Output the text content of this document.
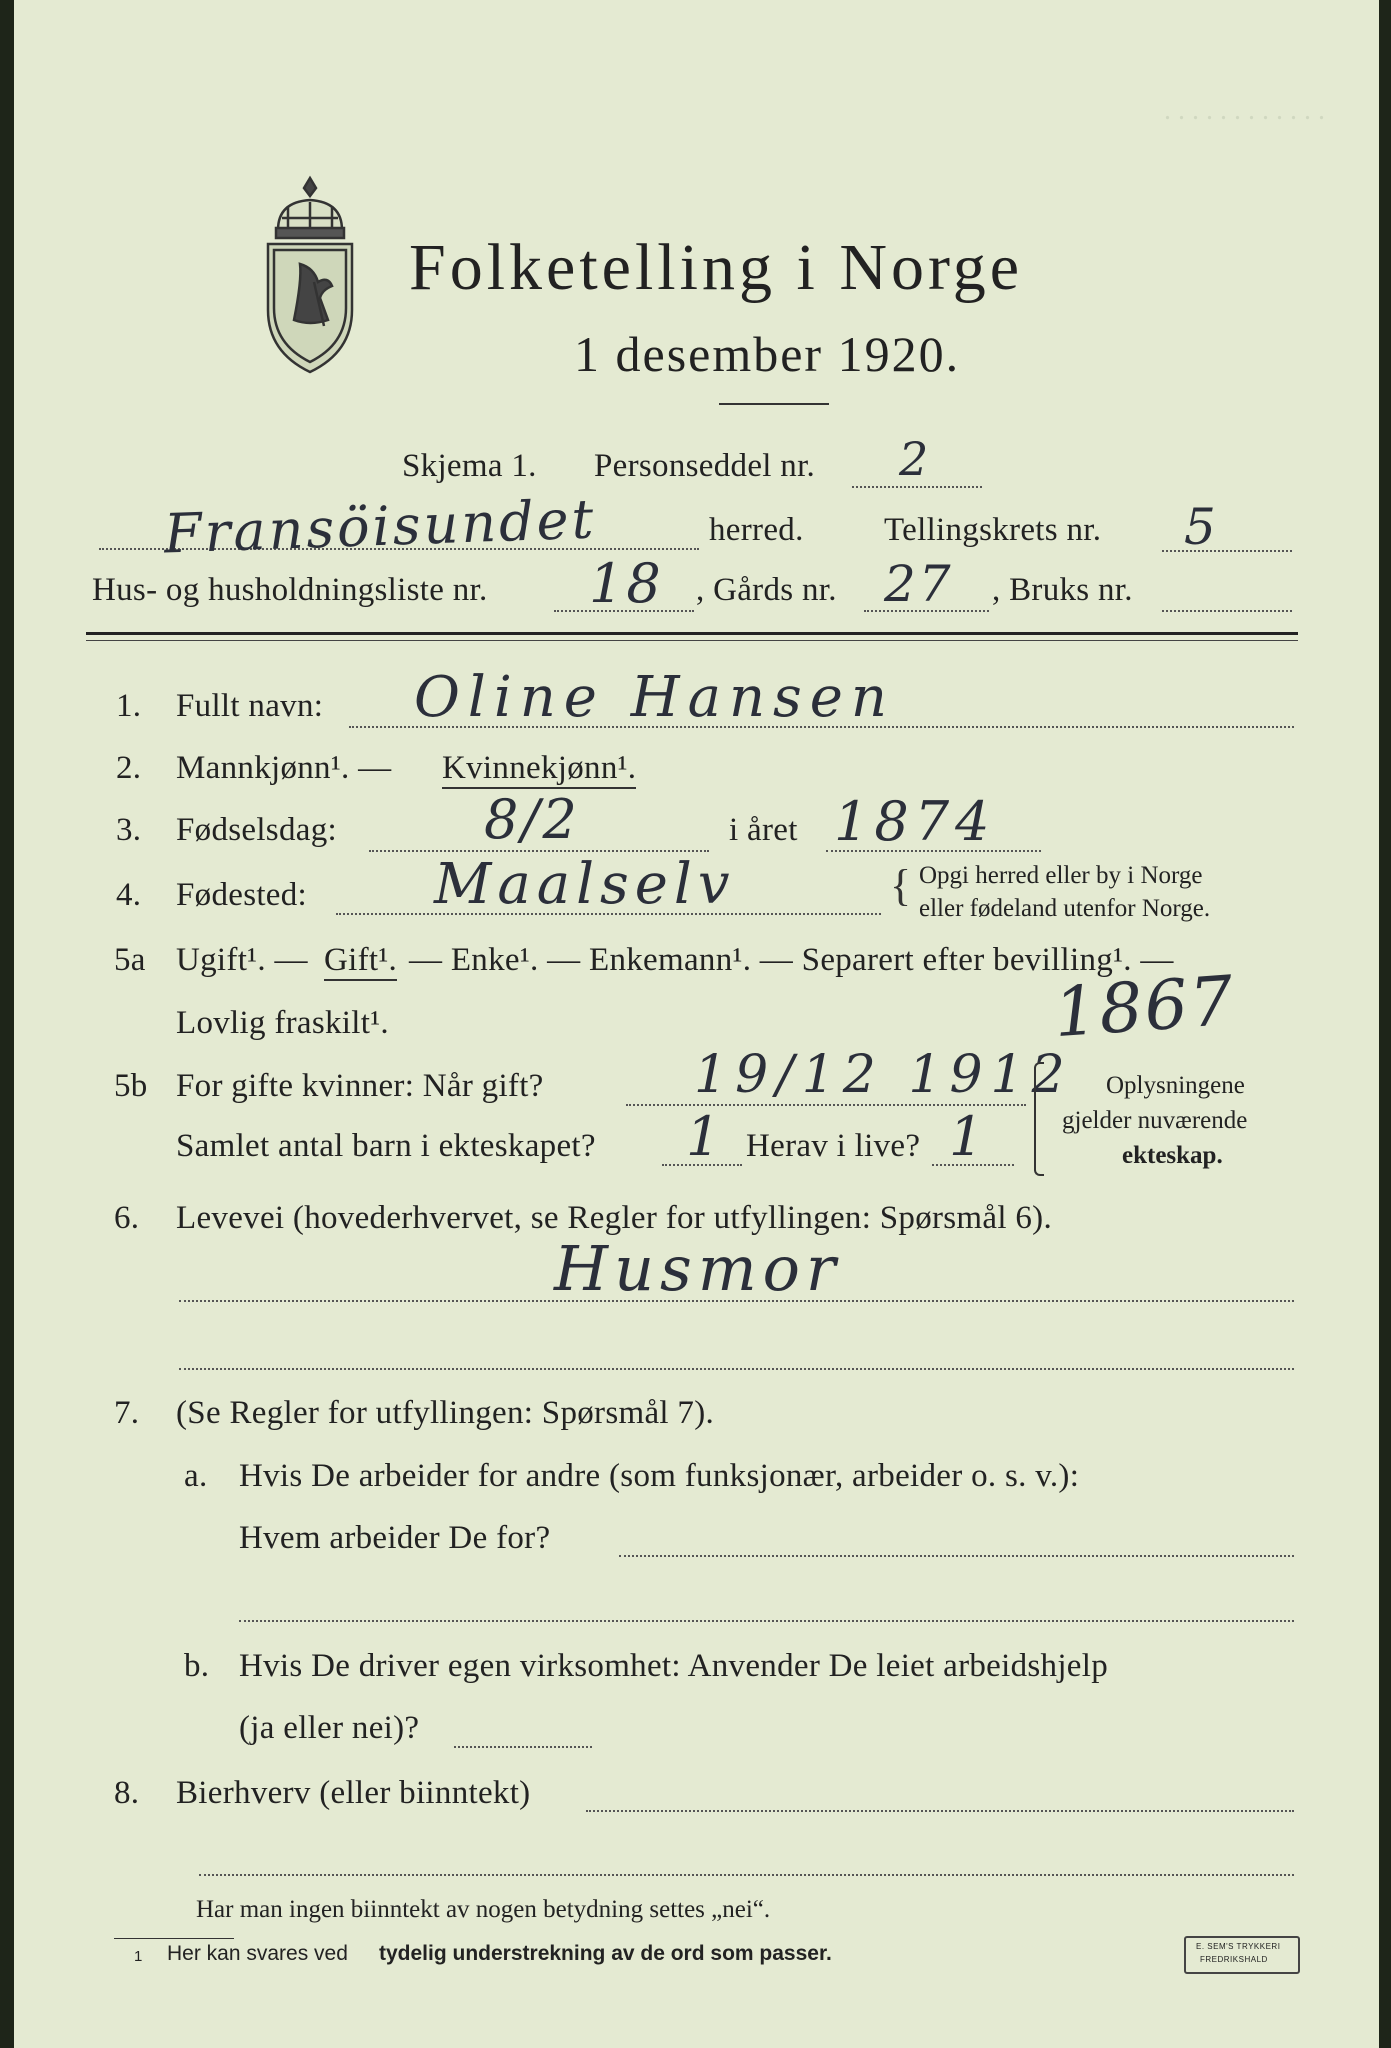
. . . . . . . . . . . .
Folketelling i Norge
1 desember 1920.
Skjema 1. Personseddel nr. 2
Fransöisundet	herred. Tellingskrets nr. 5
Hus- og husholdningsliste nr. 18 , Gårds nr. 27 , Bruks nr.
1. Fullt navn: Oline Hansen
2. Mannkjønn¹. — Kvinnekjønn¹.
3. Fødselsdag:	8/2	i året 1874
4. Fødested: Maalselv	{ Opgi herred eller by i Norge
eller fødeland utenfor Norge.
5a Ugift¹. — Gift¹. — Enke¹. — Enkemann¹. — Separert efter bevilling¹. —
Lovlig fraskilt¹.	1867
5b For gifte kvinner: Når gift?	19/12 1912
Samlet antal barn i ekteskapet? 1 Herav i live? 1
Oplysningene
gjelder nuværende
ekteskap.
6. Levevei (hovederhvervet, se Regler for utfyllingen: Spørsmål 6).
Husmor
7. (Se Regler for utfyllingen: Spørsmål 7).
a. Hvis De arbeider for andre (som funksjonær, arbeider o. s. v.):
Hvem arbeider De for?
b. Hvis De driver egen virksomhet: Anvender De leiet arbeidshjelp
(ja eller nei)?
8. Bierhverv (eller biinntekt)
Har man ingen biinntekt av nogen betydning settes „nei“.
1 Her kan svares ved tydelig understrekning av de ord som passer.	E. SEM'S TRYKKERI
FREDRIKSHALD
